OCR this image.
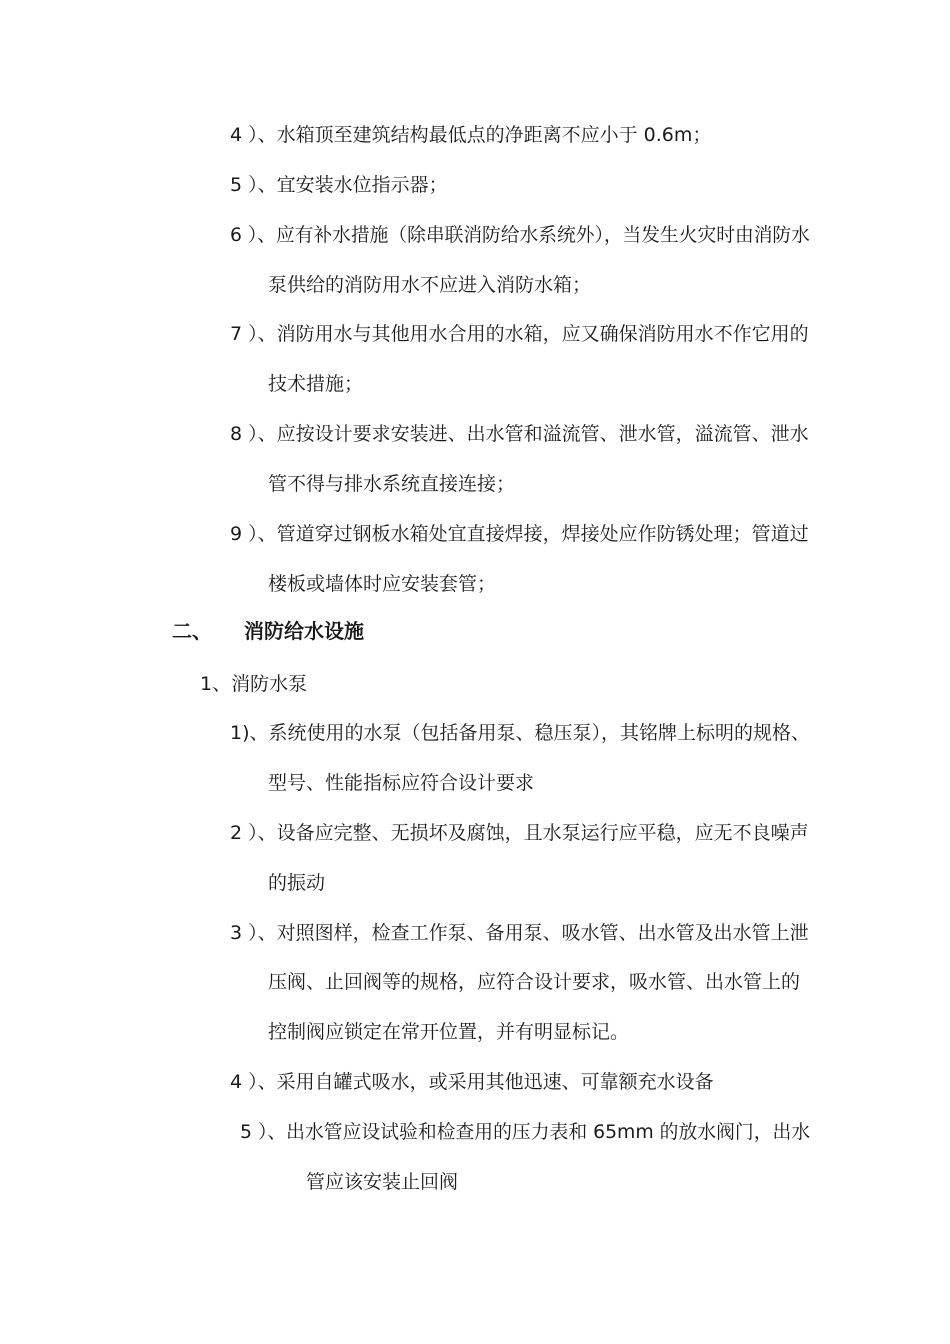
4 ）、水箱顶至建筑结构最低点的净距离不应小于 0.6m；
5 ）、宜安装水位指示器；
6 ）、应有补水措施（除串联消防给水系统外），当发生火灾时由消防水
泵供给的消防用水不应进入消防水箱；
7 ）、消防用水与其他用水合用的水箱，应又确保消防用水不作它用的
技术措施；
8 ）、应按设计要求安装进、出水管和溢流管、泄水管，溢流管、泄水
管不得与排水系统直接连接；
9 ）、管道穿过钢板水箱处宜直接焊接，焊接处应作防锈处理；管道过
楼板或墙体时应安装套管；
二、 消防给水设施
1、消防水泵
1)、系统使用的水泵（包括备用泵、稳压泵），其铭牌上标明的规格、
型号、性能指标应符合设计要求
2 ）、设备应完整、无损坏及腐蚀，且水泵运行应平稳，应无不良噪声
的振动
3 ）、对照图样，检查工作泵、备用泵、吸水管、出水管及出水管上泄
压阀、止回阀等的规格，应符合设计要求，吸水管、出水管上的
控制阀应锁定在常开位置，并有明显标记。
4 ）、采用自罐式吸水，或采用其他迅速、可靠额充水设备
5 ）、出水管应设试验和检查用的压力表和 65mm 的放水阀门，出水
管应该安装止回阀
